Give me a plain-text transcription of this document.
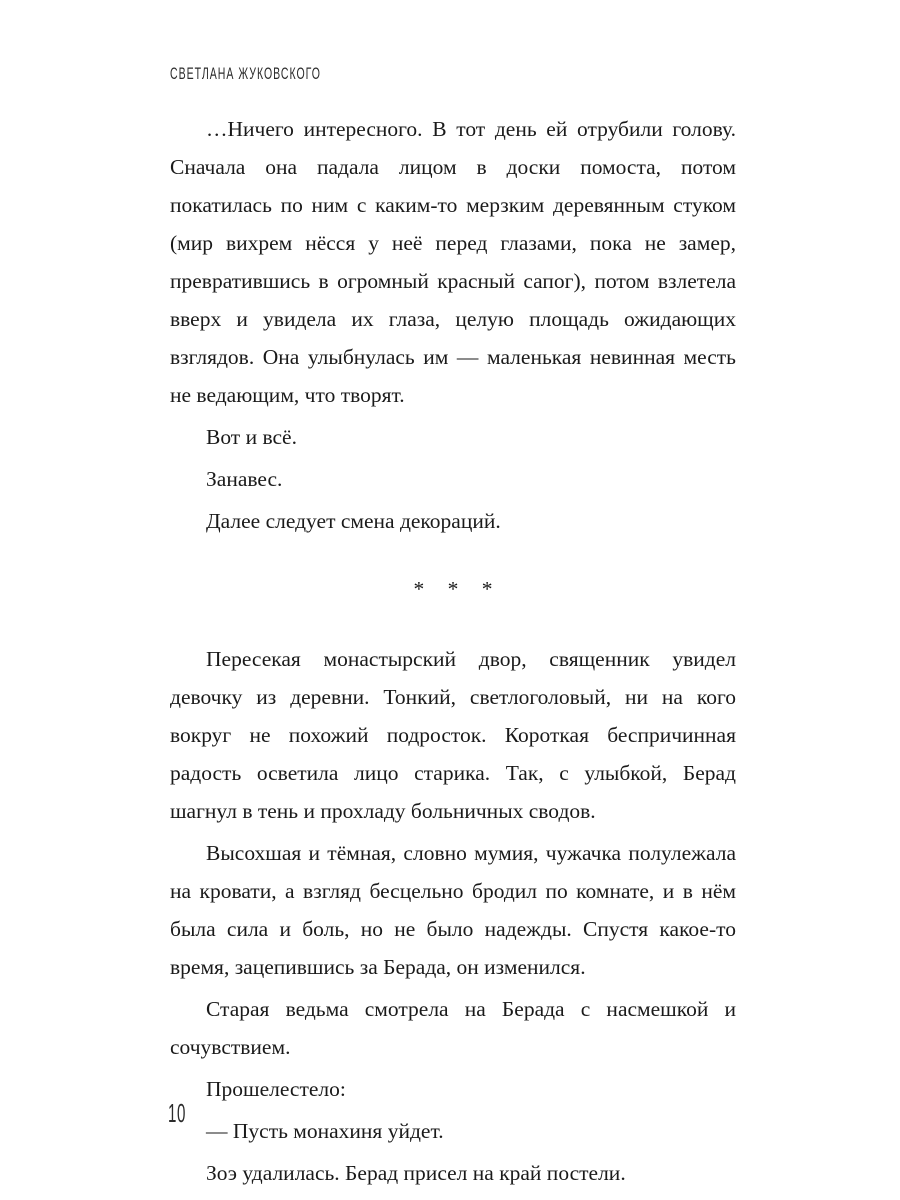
СВЕТЛАНА ЖУКОВСКОГО

…Ничего интересного. В тот день ей отрубили голову. Сначала она падала лицом в доски помоста, потом покатилась по ним с каким-то мерзким деревянным стуком (мир вихрем нёсся у неё перед глазами, пока не замер, превратившись в огромный красный сапог), потом взлетела вверх и увидела их глаза, целую площадь ожидающих взглядов. Она улыбнулась им — маленькая невинная месть не ведающим, что творят.

Вот и всё.

Занавес.

Далее следует смена декораций.

* * *

Пересекая монастырский двор, священник увидел девочку из деревни. Тонкий, светлоголовый, ни на кого вокруг не похожий подросток. Короткая беспричинная радость осветила лицо старика. Так, с улыбкой, Берад шагнул в тень и прохладу больничных сводов.

Высохшая и тёмная, словно мумия, чужачка полулежала на кровати, а взгляд бесцельно бродил по комнате, и в нём была сила и боль, но не было надежды. Спустя какое-то время, зацепившись за Берада, он изменился.

Старая ведьма смотрела на Берада с насмешкой и сочувствием.

Прошелестело:

— Пусть монахиня уйдет.

Зоэ удалилась. Берад присел на край постели.

10
